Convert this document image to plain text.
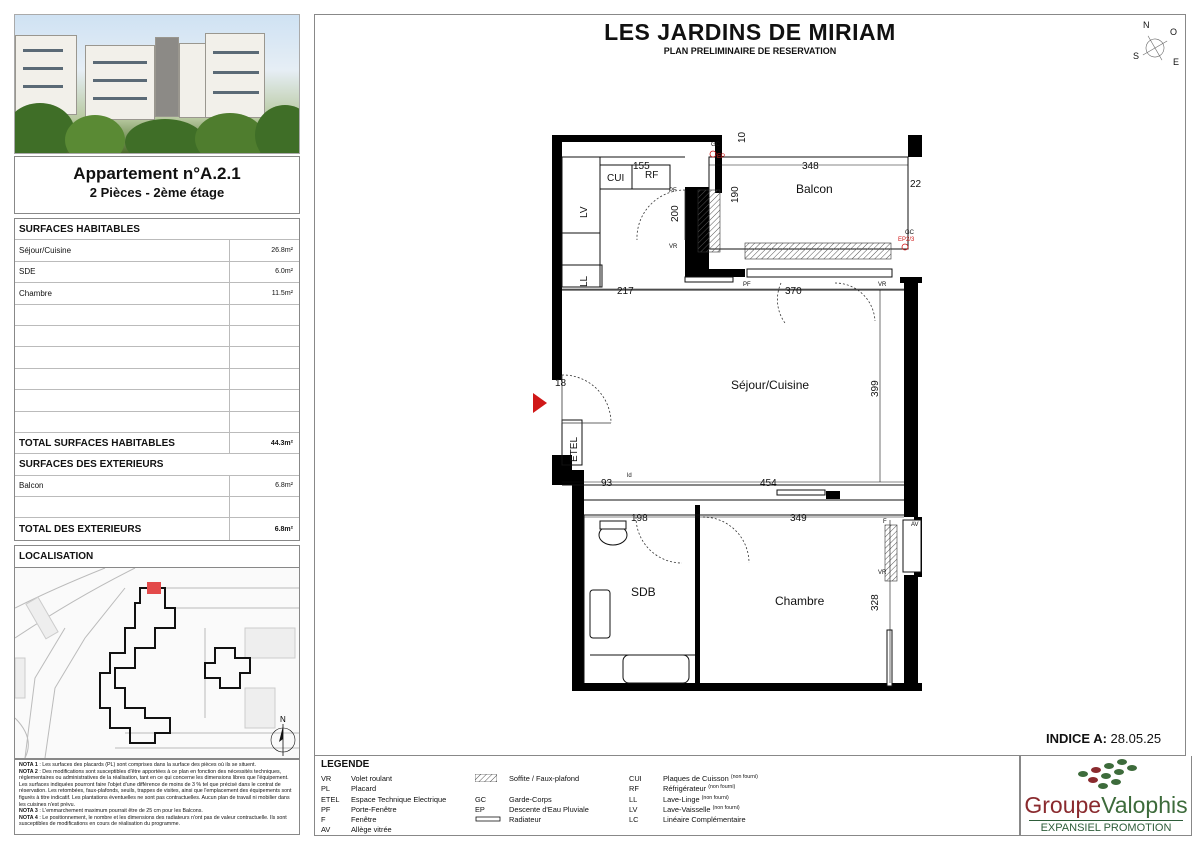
Appartement n°A.2.1
2 Pièces - 2ème étage
SURFACES HABITABLES
Séjour/Cuisine	26.8m²
SDE	6.0m²
Chambre	11.5m²
TOTAL SURFACES HABITABLES	44.3m²
SURFACES DES EXTERIEURS
Balcon	6.8m²
TOTAL DES EXTERIEURS	6.8m²
LOCALISATION
N
NOTA 1 : Les surfaces des placards (PL) sont comprises dans la surface des pièces où ils se situent.
NOTA 2 : Des modifications sont susceptibles d'être apportées à ce plan en fonction des nécessités techniques, réglementaires ou administratives de la réalisation, tant en ce qui concerne les dimensions libres que l'équipement. Les surfaces indiquées pourront faire l'objet d'une différence de moins de 3 % tel que précisé dans le contrat de réservation. Les retombées, faux-plafonds, seuils, trappes de visites, ainsi que l'emplacement des équipements sont figurés à titre indicatif. Les plantations éventuelles ne sont pas contractuelles. Aucun plan de travail ni mobilier dans les cuisines n'est prévu.
NOTA 3 : L'emmarchement maximum pourrait être de 25 cm pour les Balcons.
NOTA 4 : Le positionnement, le nombre et les dimensions des radiateurs n'ont pas de valeur contractuelle. Ils sont susceptibles de modifications en cours de réalisation du programme.
LES JARDINS DE MIRIAM
PLAN PRELIMINAIRE DE RESERVATION
N
E
S
O
155	348
22
10
190
200
217	370
399
93	454
198	349
328
Balcon
Séjour/Cuisine
SDB
Chambre
CUI RF
LV
LL
ETEL
ld
18
PF
VR
PF	VR
AV
F
VR
GC
EP
GC
EP2/3
INDICE A: 28.05.25
LEGENDE
VR	Volet roulant
PL	Placard
ETEL	Espace Technique Electrique
PF	Porte-Fenêtre
F	Fenêtre
AV	Allège vitrée
Soffite / Faux-plafond
GC	Garde-Corps
EP	Descente d'Eau Pluviale
Radiateur
CUI	Plaques de Cuisson
(non fourni)
RF	Réfrigérateur
(non fourni)
LL	Lave-Linge
(non fourni)
LV	Lave-Vaisselle
(non fourni)
LC	Linéaire Complémentaire
GroupeValophis
EXPANSIEL PROMOTION
